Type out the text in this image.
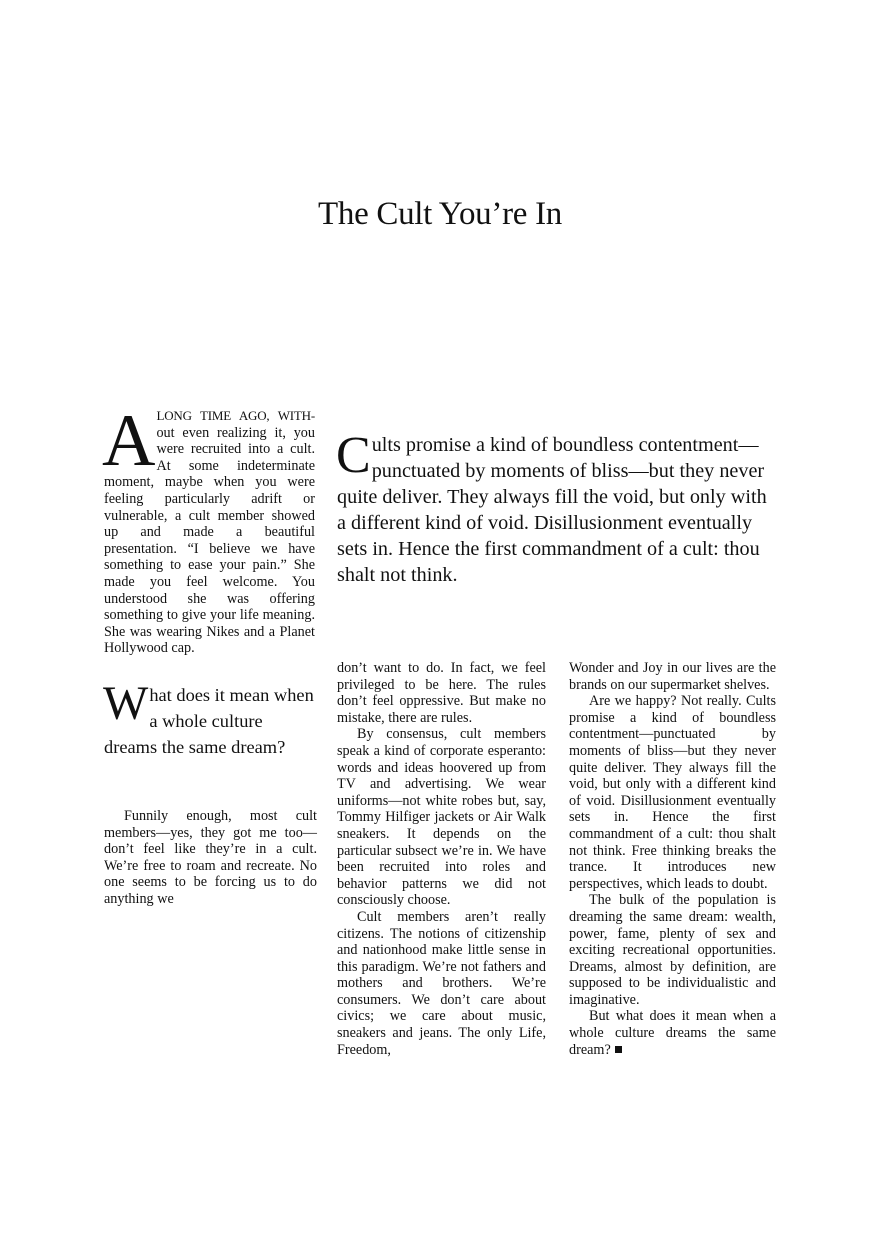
The Cult You’re In

A LONG TIME AGO, WITH- out even realizing it, you were recruited into a cult. At some indeterminate moment, maybe when you were feeling particularly adrift or vulnerable, a cult member showed up and made a beautiful presentation. “I believe we have something to ease your pain.” She made you feel welcome. You understood she was offering something to give your life meaning. She was wearing Nikes and a Planet Hollywood cap.

What does it mean when a whole culture dreams the same dream?

Funnily enough, most cult members—yes, they got me too—don’t feel like they’re in a cult. We’re free to roam and recreate. No one seems to be forcing us to do anything we

Cults promise a kind of boundless contentment—punctuated by moments of bliss—but they never quite deliver. They always fill the void, but only with a different kind of void. Disillusionment eventually sets in. Hence the first commandment of a cult: thou shalt not think.

don’t want to do. In fact, we feel privileged to be here. The rules don’t feel oppressive. But make no mistake, there are rules.

By consensus, cult members speak a kind of corporate esperanto: words and ideas hoovered up from TV and advertising. We wear uniforms—not white robes but, say, Tommy Hilfiger jackets or Air Walk sneakers. It depends on the particular subsect we’re in. We have been recruited into roles and behavior patterns we did not consciously choose.

Cult members aren’t really citizens. The notions of citizenship and nationhood make little sense in this paradigm. We’re not fathers and mothers and brothers. We’re consumers. We don’t care about civics; we care about music, sneakers and jeans. The only Life, Freedom,

Wonder and Joy in our lives are the brands on our supermarket shelves.

Are we happy? Not really. Cults promise a kind of boundless contentment—punctuated by moments of bliss—but they never quite deliver. They always fill the void, but only with a different kind of void. Disillusionment eventually sets in. Hence the first commandment of a cult: thou shalt not think. Free thinking breaks the trance. It introduces new perspectives, which leads to doubt.

The bulk of the population is dreaming the same dream: wealth, power, fame, plenty of sex and exciting recreational opportunities. Dreams, almost by definition, are supposed to be individualistic and imaginative.

But what does it mean when a whole culture dreams the same dream?
